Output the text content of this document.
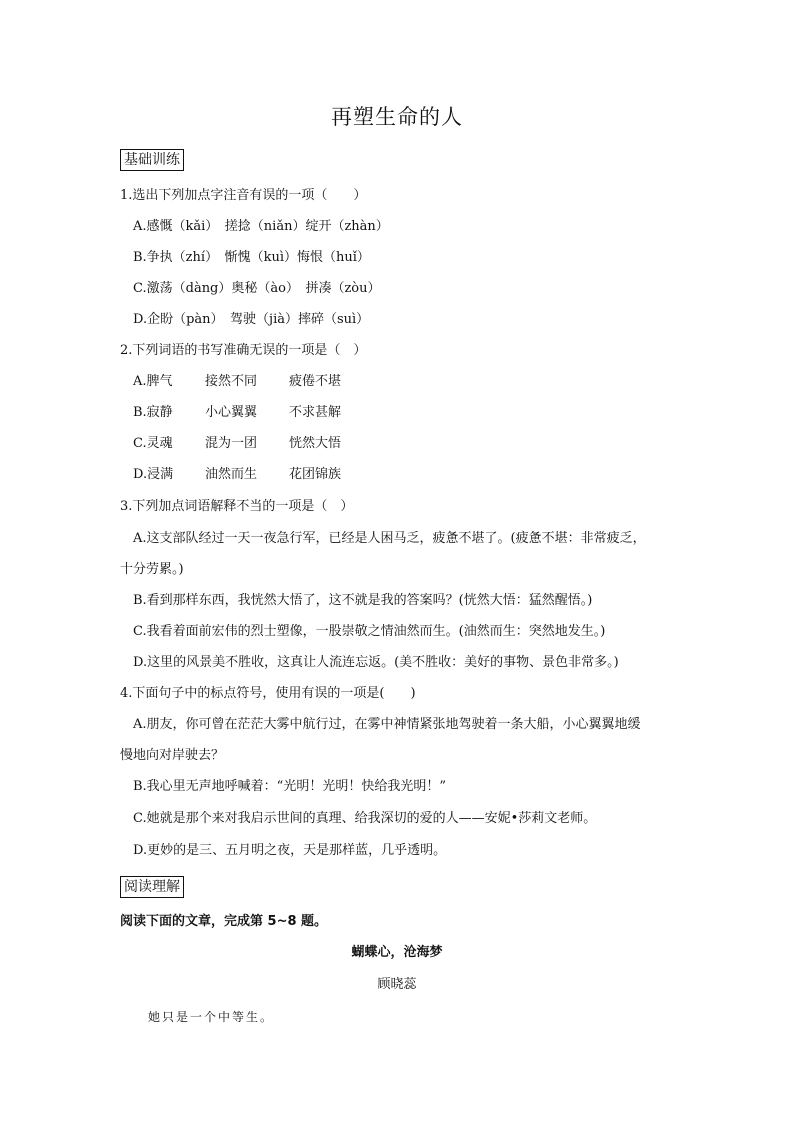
再塑生命的人
基础训练
1.选出下列加点字注音有误的一项（　　）
A.感慨（kǎi）　搓捻（niǎn）绽开（zhàn）
B.争执（zhí）　惭愧（kuì）悔恨（huǐ）
C.激荡（dàng）奥秘（ào）　拼凑（zòu）
D.企盼（pàn）　驾驶（jià）摔碎（suì）
2.下列词语的书写准确无误的一项是（　）
A.脾气 接然不同 疲倦不堪
B.寂静 小心翼翼 不求甚解
C.灵魂 混为一团 恍然大悟
D.浸满 油然而生 花团锦族
3.下列加点词语解释不当的一项是（　）
A.这支部队经过一天一夜急行军，已经是人困马乏，疲惫不堪了。(疲惫不堪：非常疲乏，
十分劳累。)
B.看到那样东西，我恍然大悟了，这不就是我的答案吗？(恍然大悟：猛然醒悟。)
C.我看着面前宏伟的烈士塑像，一股崇敬之情油然而生。(油然而生：突然地发生。)
D.这里的风景美不胜收，这真让人流连忘返。(美不胜收：美好的事物、景色非常多。)
4.下面句子中的标点符号，使用有误的一项是(　　)
A.朋友，你可曾在茫茫大雾中航行过，在雾中神情紧张地驾驶着一条大船，小心翼翼地缓
慢地向对岸驶去？
B.我心里无声地呼喊着：“光明！光明！快给我光明！”
C.她就是那个来对我启示世间的真理、给我深切的爱的人——安妮•莎莉文老师。
D.更妙的是三、五月明之夜，天是那样蓝，几乎透明。
阅读理解
阅读下面的文章，完成第 5~8 题。
蝴蝶心，沧海梦
顾晓蕊
她只是一个中等生。
